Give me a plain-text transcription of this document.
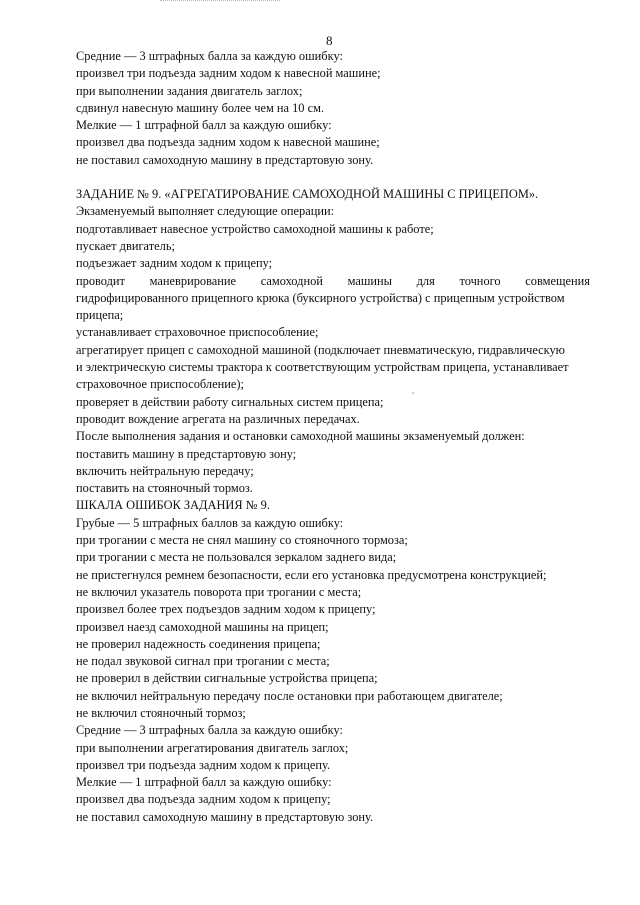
8
Средние — 3 штрафных балла за каждую ошибку:
произвел три подъезда задним ходом к навесной машине;
при выполнении задания двигатель заглох;
сдвинул навесную машину более чем на 10 см.
Мелкие — 1 штрафной балл за каждую ошибку:
произвел два подъезда задним ходом к навесной машине;
не поставил самоходную машину в предстартовую зону.
ЗАДАНИЕ № 9. «АГРЕГАТИРОВАНИЕ САМОХОДНОЙ МАШИНЫ С ПРИЦЕПОМ».
Экзаменуемый выполняет следующие операции:
подготавливает навесное устройство самоходной машины к работе;
пускает двигатель;
подъезжает задним ходом к прицепу;
проводит маневрирование самоходной машины для точного совмещения
гидрофицированного прицепного крюка (буксирного устройства) с прицепным устройством
прицепа;
устанавливает страховочное приспособление;
агрегатирует прицеп с самоходной машиной (подключает пневматическую, гидравлическую
и электрическую системы трактора к соответствующим устройствам прицепа, устанавливает
страховочное приспособление);
проверяет в действии работу сигнальных систем прицепа;
проводит вождение агрегата на различных передачах.
После выполнения задания и остановки самоходной машины экзаменуемый должен:
поставить машину в предстартовую зону;
включить нейтральную передачу;
поставить на стояночный тормоз.
ШКАЛА ОШИБОК ЗАДАНИЯ № 9.
Грубые — 5 штрафных баллов за каждую ошибку:
при трогании с места не снял машину со стояночного тормоза;
при трогании с места не пользовался зеркалом заднего вида;
не пристегнулся ремнем безопасности, если его установка предусмотрена конструкцией;
не включил указатель поворота при трогании с места;
произвел более трех подъездов задним ходом к прицепу;
произвел наезд самоходной машины на прицеп;
не проверил надежность соединения прицепа;
не подал звуковой сигнал при трогании с места;
не проверил в действии сигнальные устройства прицепа;
не включил нейтральную передачу после остановки при работающем двигателе;
не включил стояночный тормоз;
Средние — 3 штрафных балла за каждую ошибку:
при выполнении агрегатирования двигатель заглох;
произвел три подъезда задним ходом к прицепу.
Мелкие — 1 штрафной балл за каждую ошибку:
произвел два подъезда задним ходом к прицепу;
не поставил самоходную машину в предстартовую зону.
